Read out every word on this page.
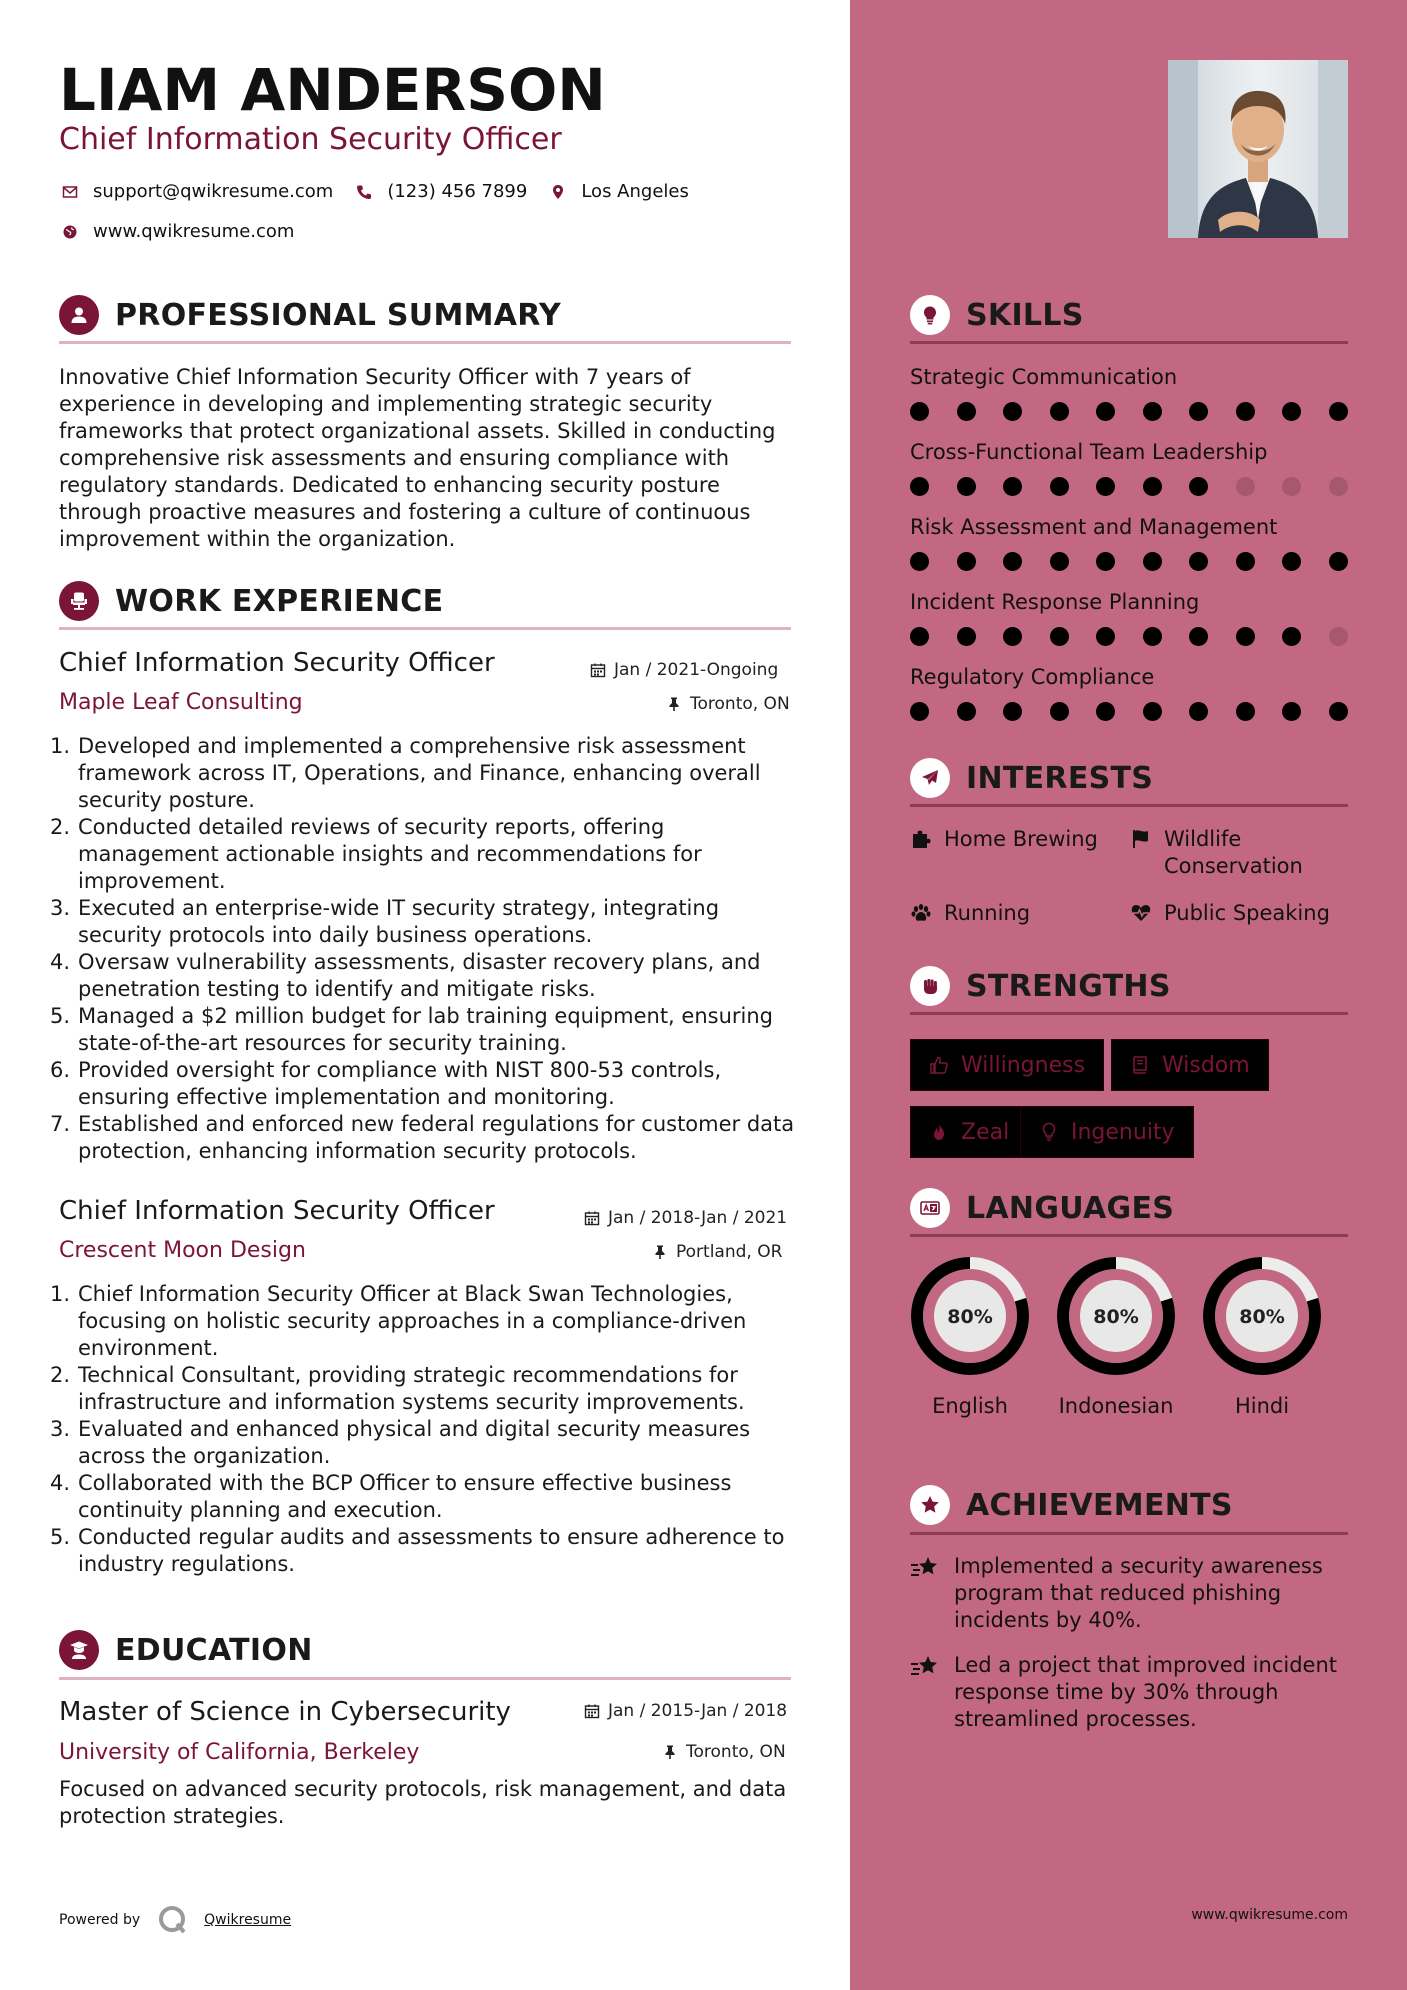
LIAM ANDERSON
Chief Information Security Officer
support@qwikresume.com	(123) 456 7899	Los Angeles
www.qwikresume.com
PROFESSIONAL SUMMARY
Innovative Chief Information Security Officer with 7 years of experience in developing and implementing strategic security frameworks that protect organizational assets. Skilled in conducting comprehensive risk assessments and ensuring compliance with regulatory standards. Dedicated to enhancing security posture through proactive measures and fostering a culture of continuous improvement within the organization.
WORK EXPERIENCE
Chief Information Security Officer	Jan / 2021-Ongoing
Maple Leaf Consulting	Toronto, ON
1. Developed and implemented a comprehensive risk assessment framework across IT, Operations, and Finance, enhancing overall security posture.
2. Conducted detailed reviews of security reports, offering management actionable insights and recommendations for improvement.
3. Executed an enterprise-wide IT security strategy, integrating security protocols into daily business operations.
4. Oversaw vulnerability assessments, disaster recovery plans, and penetration testing to identify and mitigate risks.
5. Managed a $2 million budget for lab training equipment, ensuring state-of-the-art resources for security training.
6. Provided oversight for compliance with NIST 800-53 controls, ensuring effective implementation and monitoring.
7. Established and enforced new federal regulations for customer data protection, enhancing information security protocols.
Chief Information Security Officer	Jan / 2018-Jan / 2021
Crescent Moon Design	Portland, OR
1. Chief Information Security Officer at Black Swan Technologies, focusing on holistic security approaches in a compliance-driven environment.
2. Technical Consultant, providing strategic recommendations for infrastructure and information systems security improvements.
3. Evaluated and enhanced physical and digital security measures across the organization.
4. Collaborated with the BCP Officer to ensure effective business continuity planning and execution.
5. Conducted regular audits and assessments to ensure adherence to industry regulations.
EDUCATION
Master of Science in Cybersecurity	Jan / 2015-Jan / 2018
University of California, Berkeley	Toronto, ON
Focused on advanced security protocols, risk management, and data protection strategies.
Powered by	Qwikresume
SKILLS
Strategic Communication
Cross-Functional Team Leadership
Risk Assessment and Management
Incident Response Planning
Regulatory Compliance
INTERESTS
Home Brewing	Wildlife Conservation
Running	Public Speaking
STRENGTHS
Willingness	Wisdom
Zeal	Ingenuity
LANGUAGES
80%
English
80%
Indonesian
80%
Hindi
ACHIEVEMENTS
Implemented a security awareness program that reduced phishing incidents by 40%.
Led a project that improved incident response time by 30% through streamlined processes.
www.qwikresume.com
